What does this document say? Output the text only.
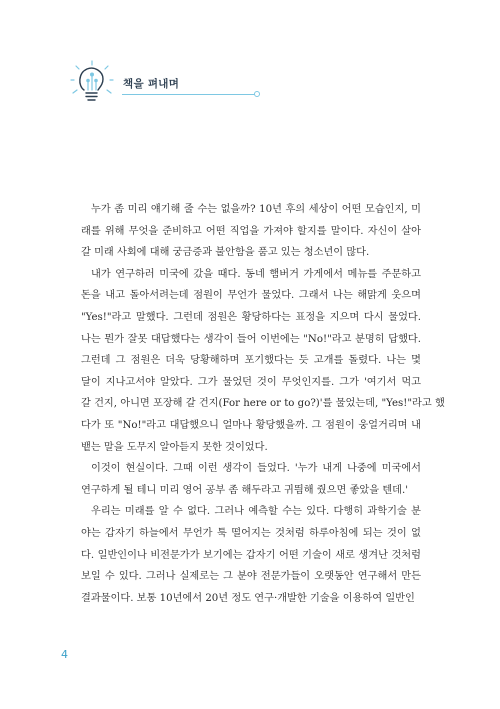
책을 펴내며
누가 좀 미리 얘기해 줄 수는 없을까? 10년 후의 세상이 어떤 모습인지, 미
래를 위해 무엇을 준비하고 어떤 직업을 가져야 할지를 말이다. 자신이 살아
갈 미래 사회에 대해 궁금증과 불안함을 품고 있는 청소년이 많다.
내가 연구하러 미국에 갔을 때다. 동네 햄버거 가게에서 메뉴를 주문하고
돈을 내고 돌아서려는데 점원이 무언가 물었다. 그래서 나는 해맑게 웃으며
"Yes!"라고 말했다. 그런데 점원은 황당하다는 표정을 지으며 다시 물었다.
나는 뭔가 잘못 대답했다는 생각이 들어 이번에는 "No!"라고 분명히 답했다.
그런데 그 점원은 더욱 당황해하며 포기했다는 듯 고개를 돌렸다. 나는 몇
달이 지나고서야 알았다. 그가 물었던 것이 무엇인지를. 그가 '여기서 먹고
갈 건지, 아니면 포장해 갈 건지(For here or to go?)'를 물었는데, "Yes!"라고 했
다가 또 "No!"라고 대답했으니 얼마나 황당했을까. 그 점원이 웅얼거리며 내
뱉는 말을 도무지 알아듣지 못한 것이었다.
이것이 현실이다. 그때 이런 생각이 들었다. '누가 내게 나중에 미국에서
연구하게 될 테니 미리 영어 공부 좀 해두라고 귀띔해 줬으면 좋았을 텐데.'
우리는 미래를 알 수 없다. 그러나 예측할 수는 있다. 다행히 과학기술 분
야는 갑자기 하늘에서 무언가 툭 떨어지는 것처럼 하루아침에 되는 것이 없
다. 일반인이나 비전문가가 보기에는 갑자기 어떤 기술이 새로 생겨난 것처럼
보일 수 있다. 그러나 실제로는 그 분야 전문가들이 오랫동안 연구해서 만든
결과물이다. 보통 10년에서 20년 정도 연구·개발한 기술을 이용하여 일반인
4
